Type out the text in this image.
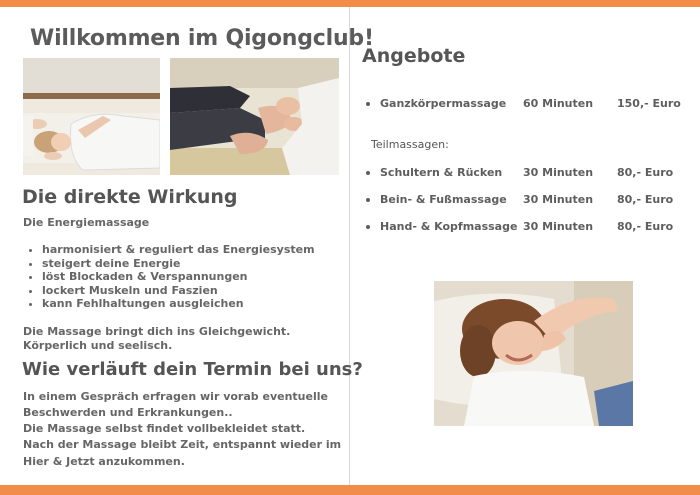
Willkommen im Qigongclub!
Die direkte Wirkung
Die Energiemassage
• harmonisiert & reguliert das Energiesystem
• steigert deine Energie
• löst Blockaden & Verspannungen
• lockert Muskeln und Faszien
• kann Fehlhaltungen ausgleichen
Die Massage bringt dich ins Gleichgewicht.
Körperlich und seelisch.
Wie verläuft dein Termin bei uns?
In einem Gespräch erfragen wir vorab eventuelle
Beschwerden und Erkrankungen..
Die Massage selbst findet vollbekleidet statt.
Nach der Massage bleibt Zeit, entspannt wieder im
Hier & Jetzt anzukommen.
Angebote
Ganzkörpermassage 60 Minuten 150,- Euro
Teilmassagen:
Schultern & Rücken 30 Minuten 80,- Euro
Bein- & Fußmassage 30 Minuten 80,- Euro
Hand- & Kopfmassage 30 Minuten 80,- Euro
